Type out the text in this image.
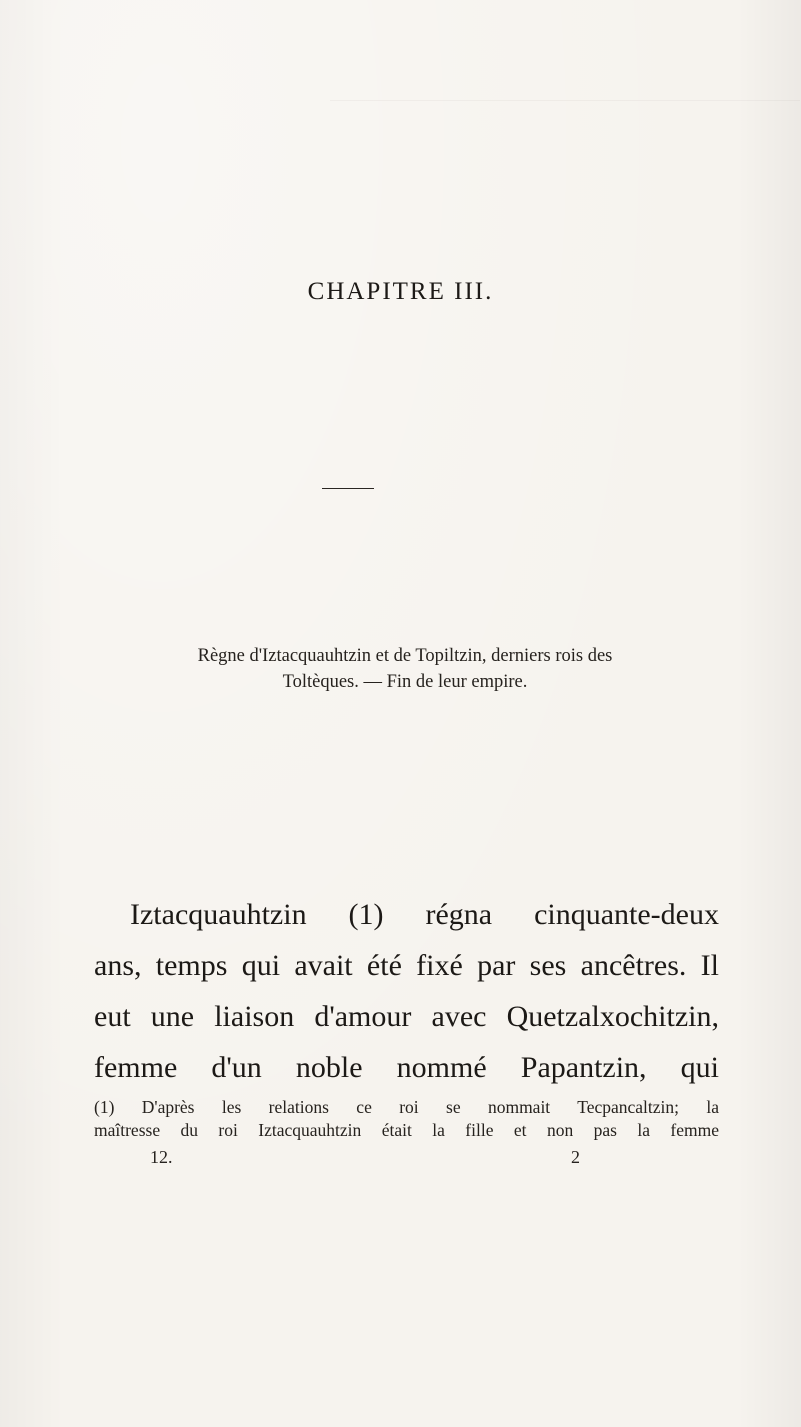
CHAPITRE III.
Règne d'Iztacquauhtzin et de Topiltzin, derniers rois des
Toltèques. — Fin de leur empire.
Iztacquauhtzin (1) régna cinquante-deux
ans, temps qui avait été fixé par ses ancêtres. Il
eut une liaison d'amour avec Quetzalxochitzin,
femme d'un noble nommé Papantzin, qui
(1) D'après les relations ce roi se nommait Tecpancaltzin; la
maîtresse du roi Iztacquauhtzin était la fille et non pas la femme
12.	2
